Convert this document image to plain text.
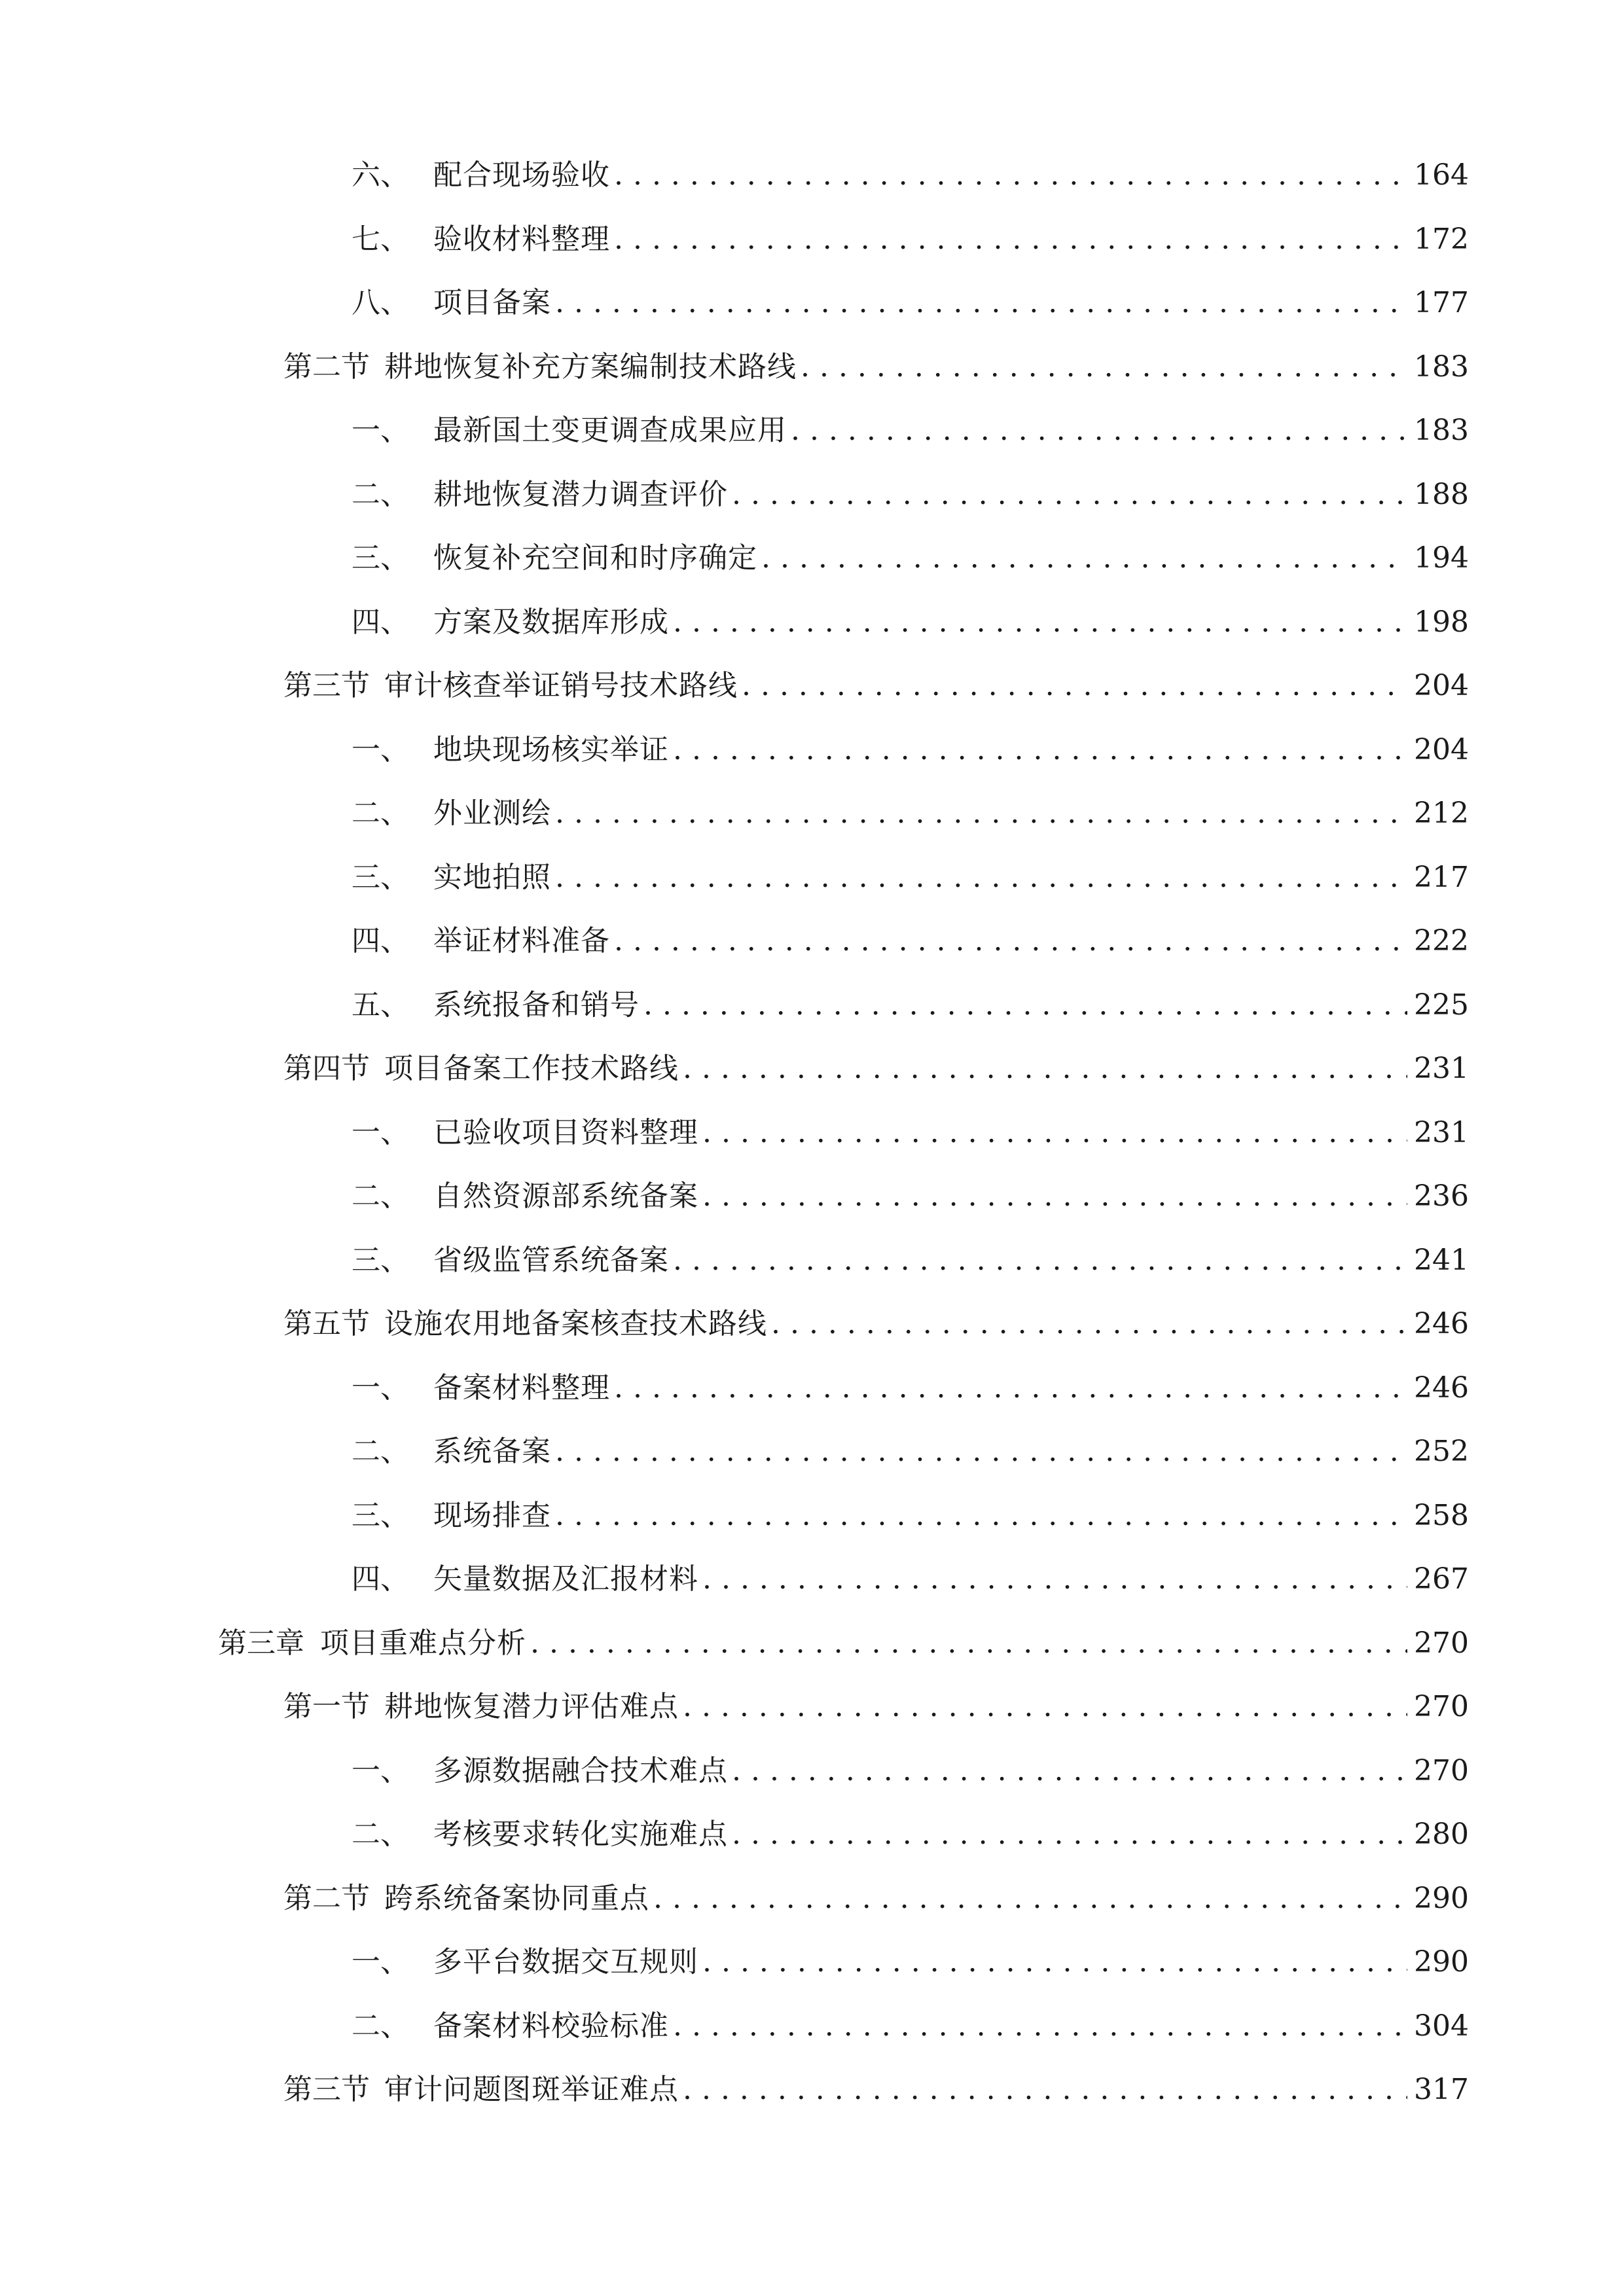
六、 配合现场验收 . . .	164
七、 验收材料整理 . . .	172
八、 项目备案 . . .	177
第二节 耕地恢复补充方案编制技术路线 . . .	183
一、 最新国土变更调查成果应用 . . .	183
二、 耕地恢复潜力调查评价 . . .	188
三、 恢复补充空间和时序确定 . . .	194
四、 方案及数据库形成 . . .	198
第三节 审计核查举证销号技术路线 . . .	204
一、 地块现场核实举证 . . .	204
二、 外业测绘 . . .	212
三、 实地拍照 . . .	217
四、 举证材料准备 . . .	222
五、 系统报备和销号 . . .	225
第四节 项目备案工作技术路线 . . .	231
一、 已验收项目资料整理 . . .	231
二、 自然资源部系统备案 . . .	236
三、 省级监管系统备案 . . .	241
第五节 设施农用地备案核查技术路线 . . .	246
一、 备案材料整理 . . .	246
二、 系统备案 . . .	252
三、 现场排查 . . .	258
四、 矢量数据及汇报材料 . . .	267
第三章 项目重难点分析 . . .	270
第一节 耕地恢复潜力评估难点 . . .	270
一、 多源数据融合技术难点 . . .	270
二、 考核要求转化实施难点 . . .	280
第二节 跨系统备案协同重点 . . .	290
一、 多平台数据交互规则 . . .	290
二、 备案材料校验标准 . . .	304
第三节 审计问题图斑举证难点 . . .	317
